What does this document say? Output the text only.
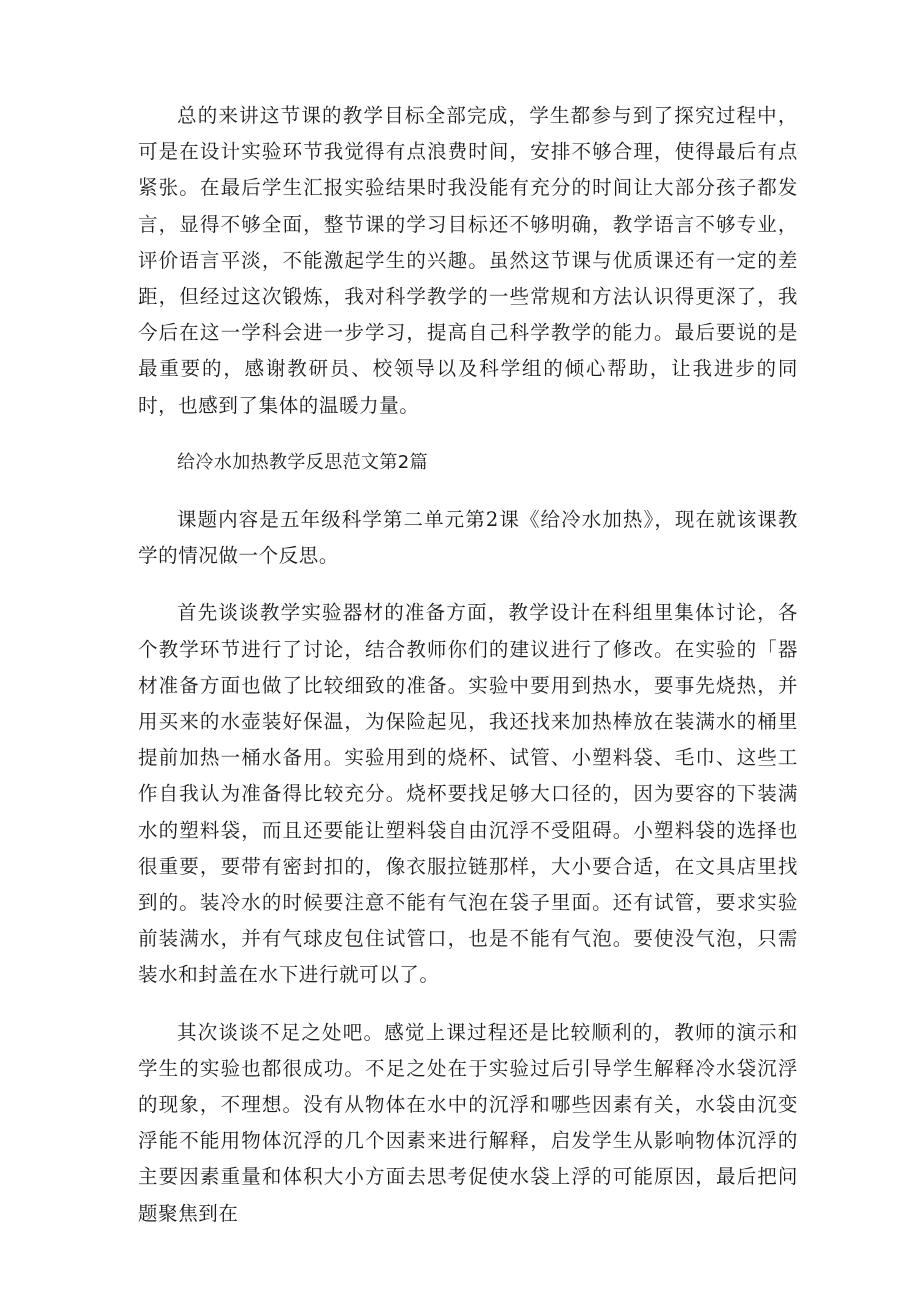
总的来讲这节课的教学目标全部完成，学生都参与到了探究过程中，可是在设计实验环节我觉得有点浪费时间，安排不够合理，使得最后有点紧张。在最后学生汇报实验结果时我没能有充分的时间让大部分孩子都发言，显得不够全面，整节课的学习目标还不够明确，教学语言不够专业，评价语言平淡，不能激起学生的兴趣。虽然这节课与优质课还有一定的差距，但经过这次锻炼，我对科学教学的一些常规和方法认识得更深了，我今后在这一学科会进一步学习，提高自己科学教学的能力。最后要说的是最重要的，感谢教研员、校领导以及科学组的倾心帮助，让我进步的同时，也感到了集体的温暖力量。

给冷水加热教学反思范文第2篇

课题内容是五年级科学第二单元第2课《给冷水加热》，现在就该课教学的情况做一个反思。

首先谈谈教学实验器材的准备方面，教学设计在科组里集体讨论，各个教学环节进行了讨论，结合教师你们的建议进行了修改。在实验的「器材准备方面也做了比较细致的准备。实验中要用到热水，要事先烧热，并用买来的水壶装好保温，为保险起见，我还找来加热棒放在装满水的桶里提前加热一桶水备用。实验用到的烧杯、试管、小塑料袋、毛巾、这些工作自我认为准备得比较充分。烧杯要找足够大口径的，因为要容的下装满水的塑料袋，而且还要能让塑料袋自由沉浮不受阻碍。小塑料袋的选择也很重要，要带有密封扣的，像衣服拉链那样，大小要合适，在文具店里找到的。装冷水的时候要注意不能有气泡在袋子里面。还有试管，要求实验前装满水，并有气球皮包住试管口，也是不能有气泡。要使没气泡，只需装水和封盖在水下进行就可以了。

其次谈谈不足之处吧。感觉上课过程还是比较顺利的，教师的演示和学生的实验也都很成功。不足之处在于实验过后引导学生解释冷水袋沉浮的现象，不理想。没有从物体在水中的沉浮和哪些因素有关，水袋由沉变浮能不能用物体沉浮的几个因素来进行解释，启发学生从影响物体沉浮的主要因素重量和体积大小方面去思考促使水袋上浮的可能原因，最后把问题聚焦到在
